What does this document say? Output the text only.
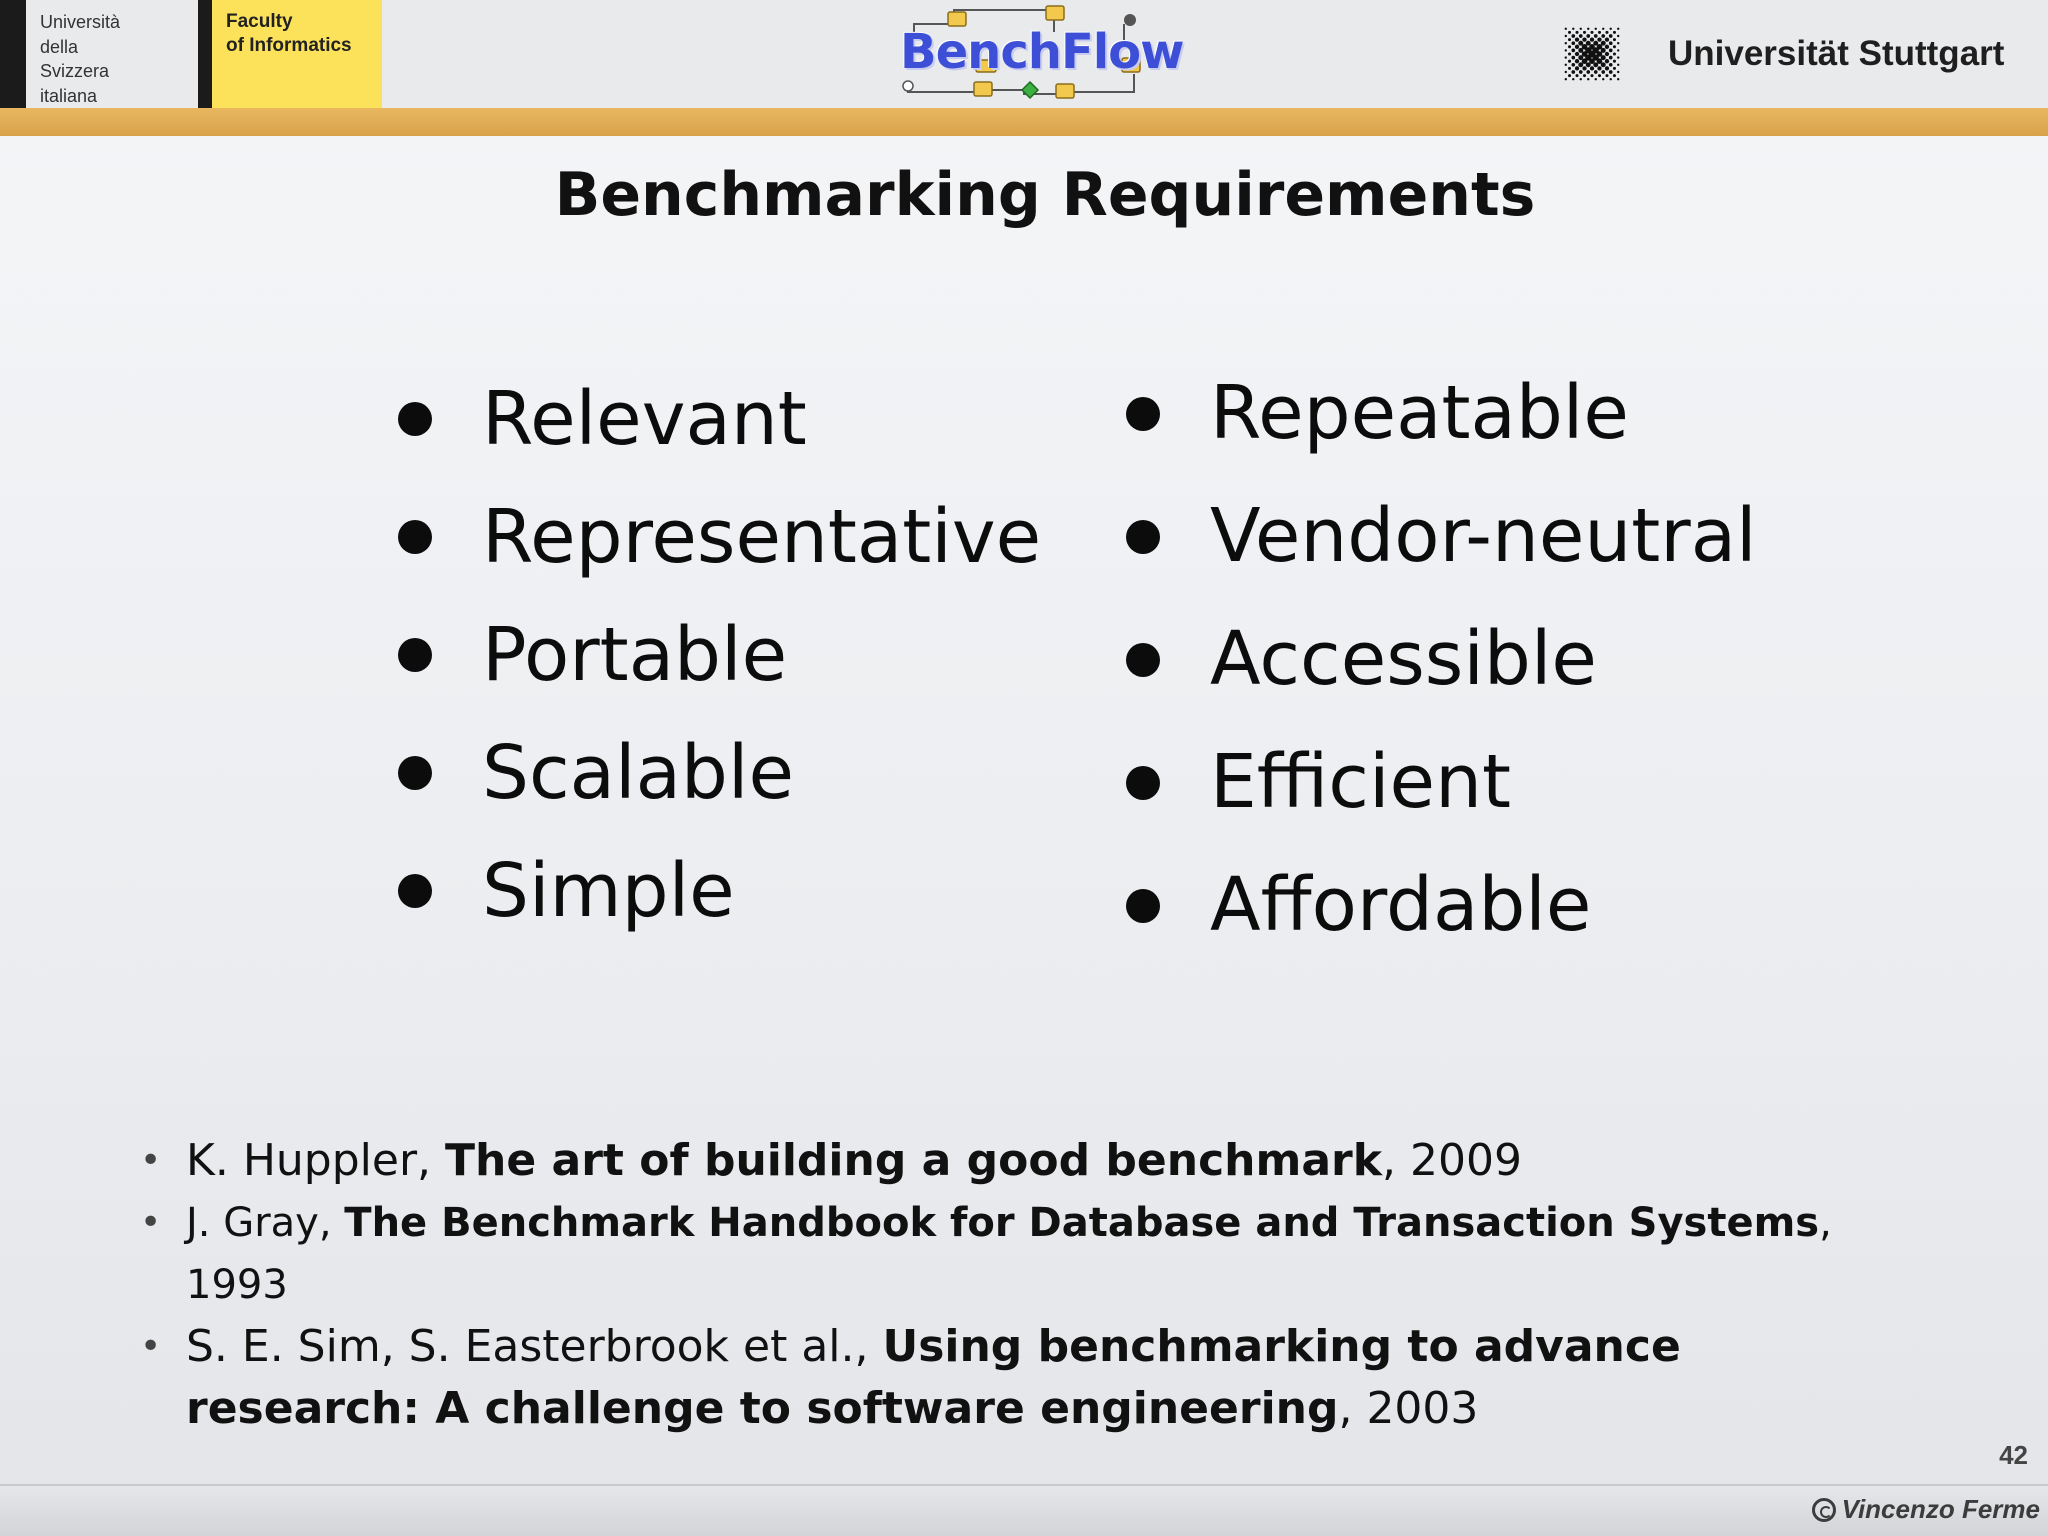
Università
della
Svizzera
italiana
Faculty
of Informatics	BenchFlow	Universität Stuttgart
Benchmarking Requirements
Relevant
Representative
Portable
Scalable
Simple
Repeatable
Vendor-neutral
Accessible
Efficient
Affordable
• K. Huppler, The art of building a good benchmark, 2009
• J. Gray, The Benchmark Handbook for Database and Transaction Systems, 1993
• S. E. Sim, S. Easterbrook et al., Using benchmarking to advance research: A challenge to software engineering, 2003
42
Vincenzo Ferme
